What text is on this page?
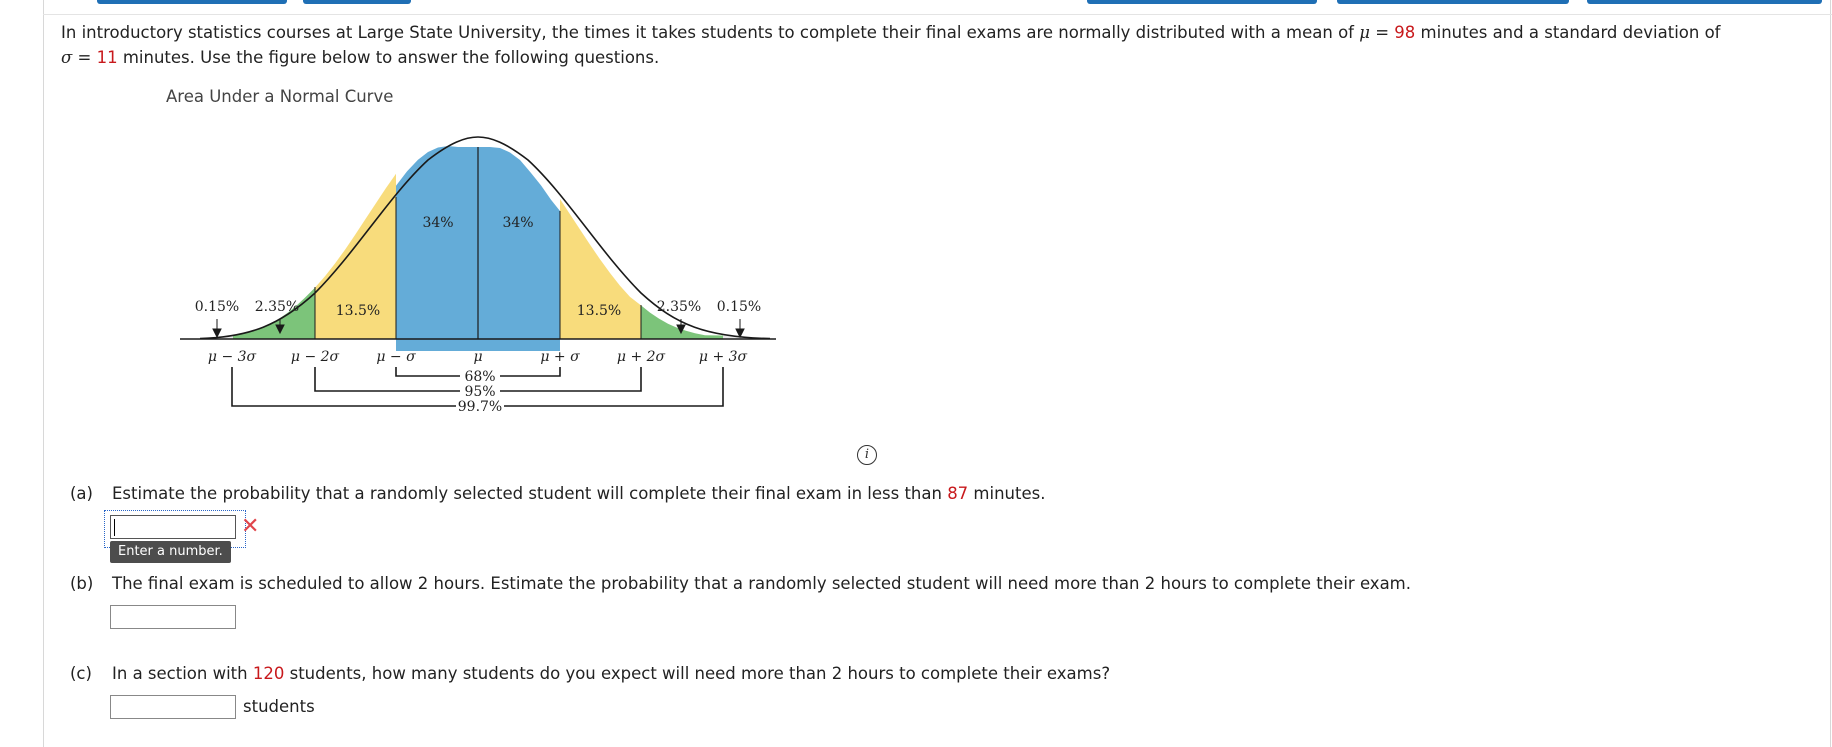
In introductory statistics courses at Large State University, the times it takes students to complete their final exams are normally distributed with a mean of μ = 98 minutes and a standard deviation of
σ = 11 minutes. Use the figure below to answer the following questions.
Area Under a Normal Curve
34%	34%
13.5%	13.5%
2.35%	2.35%
0.15%	0.15%
μ − 3σ μ − 2σ	μ − σ	μ	μ + σ	μ + 2σ μ + 3σ
68%
95%
99.7%
i
(a) Estimate the probability that a randomly selected student will complete their final exam in less than 87 minutes.
✕
Enter a number.
(b) The final exam is scheduled to allow 2 hours. Estimate the probability that a randomly selected student will need more than 2 hours to complete their exam.
(c) In a section with 120 students, how many students do you expect will need more than 2 hours to complete their exams?
students
